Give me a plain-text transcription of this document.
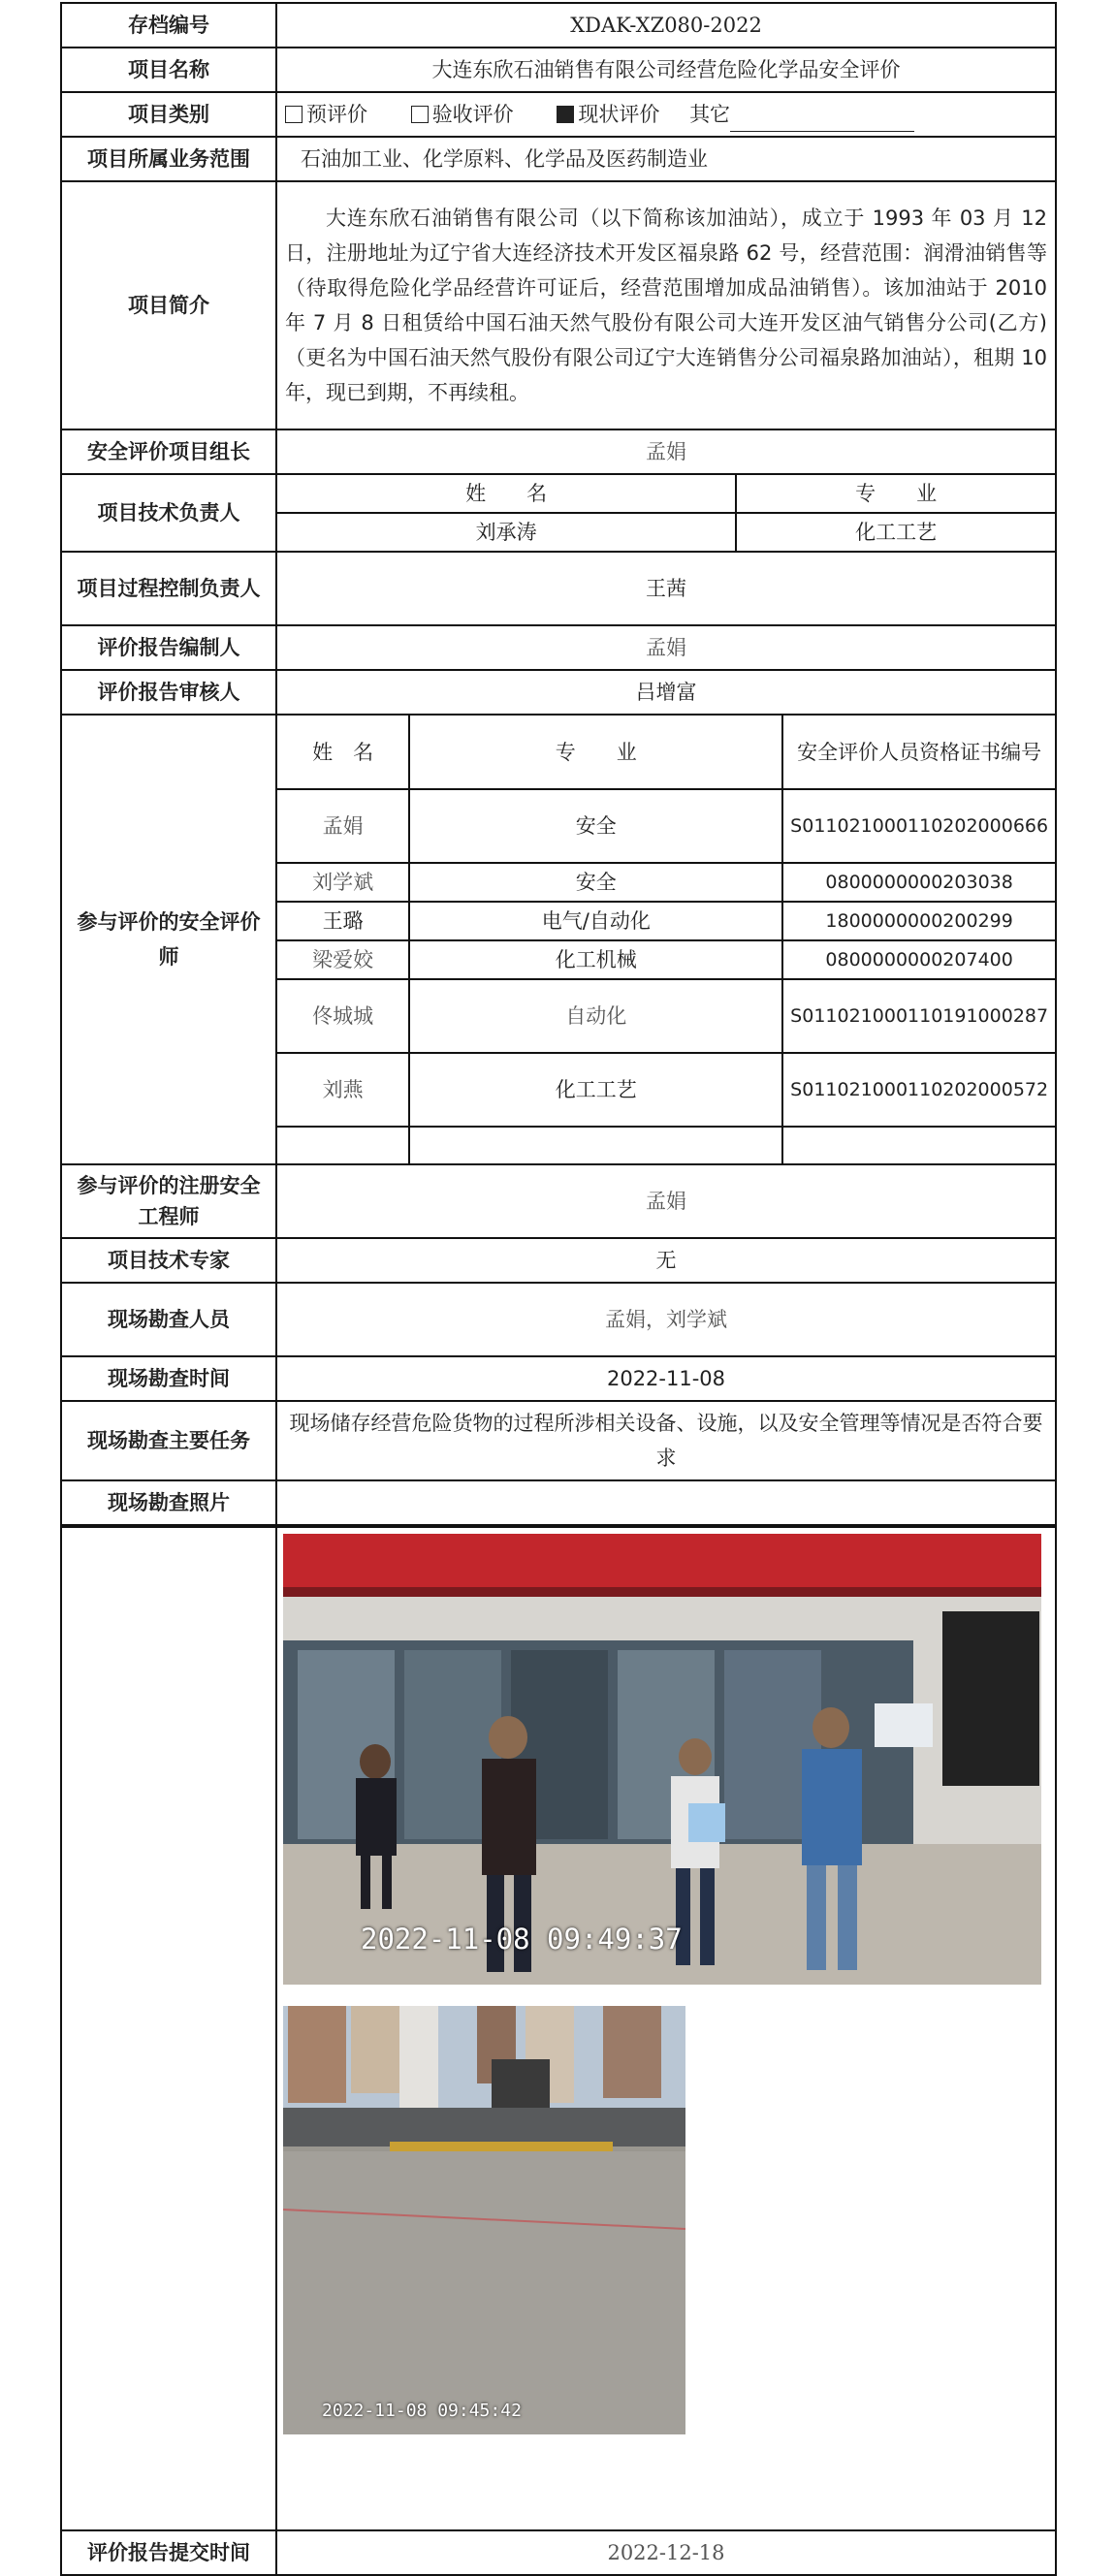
存档编号	XDAK-XZ080-2022
项目名称	大连东欣石油销售有限公司经营危险化学品安全评价
项目类别	预评价	验收评价	现状评价 其它
项目所属业务范围	石油加工业、化学原料、化学品及医药制造业
项目简介	大连东欣石油销售有限公司（以下简称该加油站），成立于 1993 年 03 月 12 日，注册地址为辽宁省大连经济技术开发区福泉路 62 号，经营范围：润滑油销售等（待取得危险化学品经营许可证后，经营范围增加成品油销售）。该加油站于 2010 年 7 月 8 日租赁给中国石油天然气股份有限公司大连开发区油气销售分公司(乙方)（更名为中国石油天然气股份有限公司辽宁大连销售分公司福泉路加油站），租期 10 年，现已到期，不再续租。
安全评价项目组长	孟娟
项目技术负责人	
姓　　名	专　　业
刘承涛	化工工艺

项目过程控制负责人	王茜
评价报告编制人	孟娟
评价报告审核人	吕增富
参与评价的安全评价师	
姓　名	专　　业	安全评价人员资格证书编号
孟娟	安全	S011021000110202000666
刘学斌	安全	0800000000203038
王璐	电气/自动化	1800000000200299
梁爱姣	化工机械	0800000000207400
佟城城	自动化	S011021000110191000287
刘燕	化工工艺	S011021000110202000572

参与评价的注册安全工程师	孟娟
项目技术专家	无
现场勘查人员	孟娟，刘学斌
现场勘查时间	2022-11-08
现场勘查主要任务	现场储存经营危险货物的过程所涉相关设备、设施，以及安全管理等情况是否符合要求
现场勘查照片	

2022-11-08 09:49:37
2022-11-08 09:45:42

评价报告提交时间	2022-12-18
